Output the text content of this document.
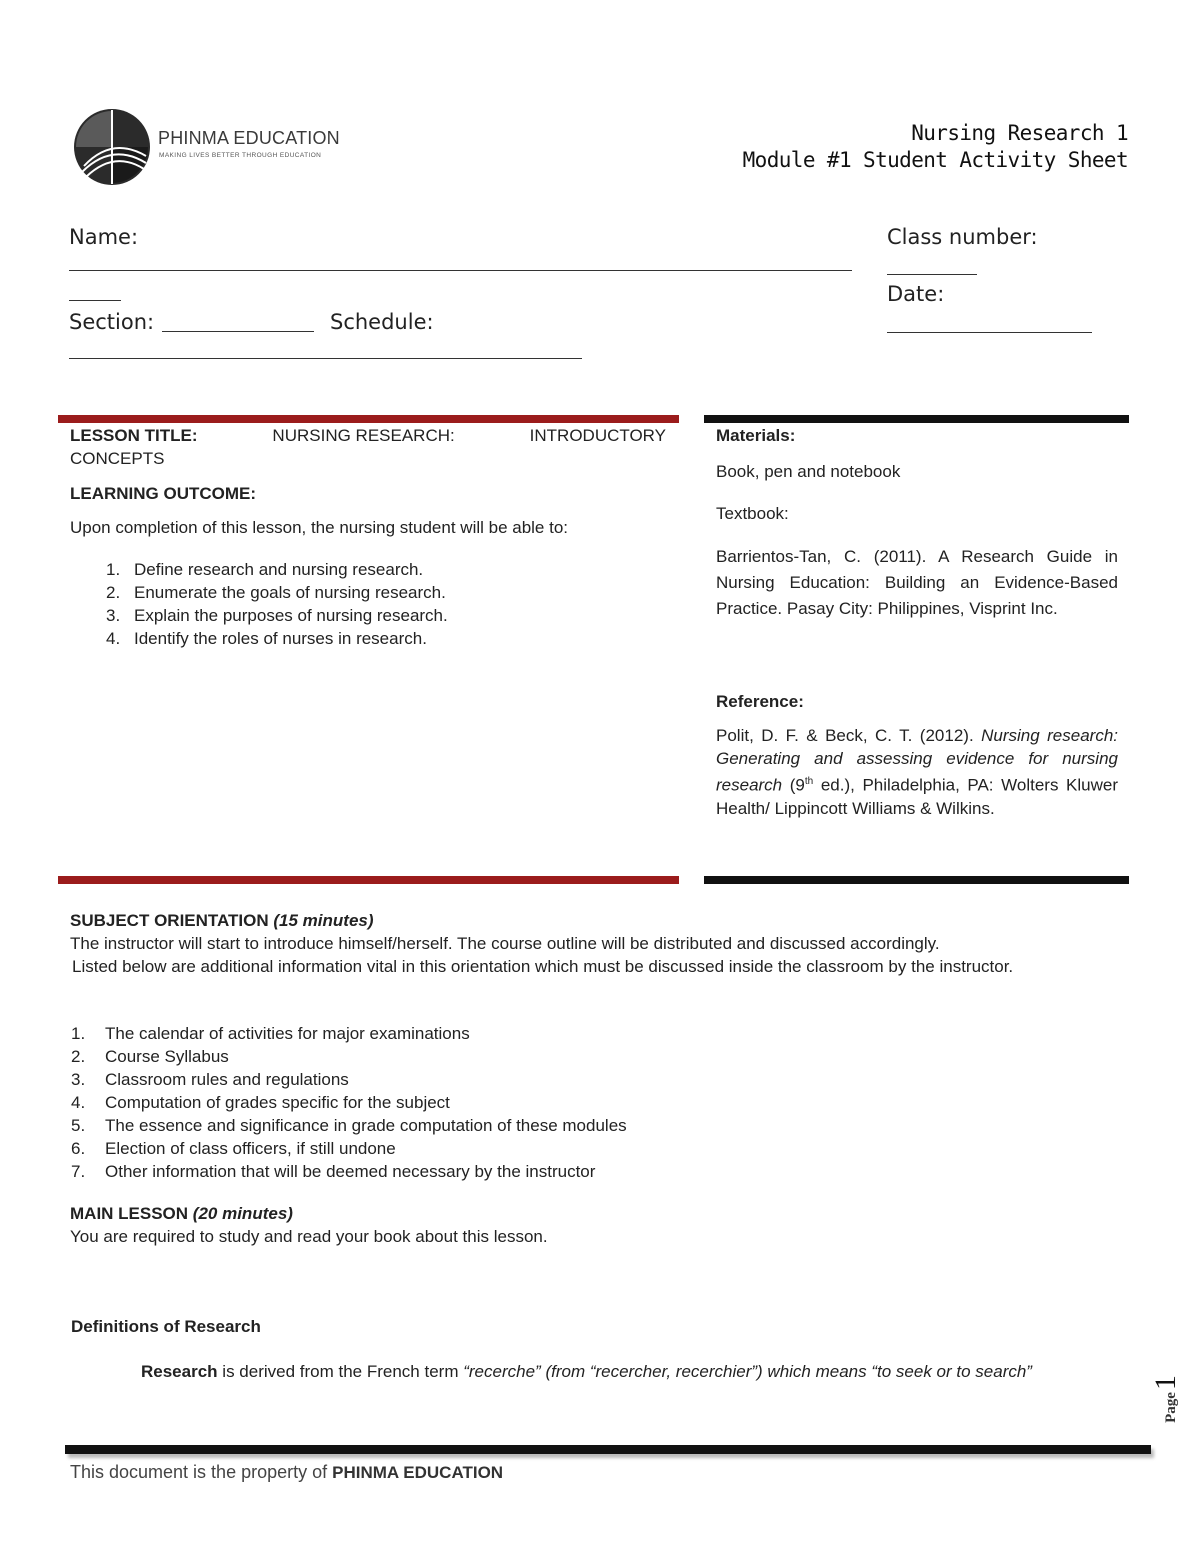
PHINMA EDUCATION
MAKING LIVES BETTER THROUGH EDUCATION
Nursing Research 1
Module #1 Student Activity Sheet
Name:
Section:	Schedule:
Class number:
Date:
LESSON TITLE:	NURSING RESEARCH:	INTRODUCTORY
CONCEPTS
LEARNING OUTCOME:
Upon completion of this lesson, the nursing student will be able to:
1. Define research and nursing research.
2. Enumerate the goals of nursing research.
3. Explain the purposes of nursing research.
4. Identify the roles of nurses in research.
Materials:
Book, pen and notebook
Textbook:
Barrientos-Tan, C. (2011). A Research Guide in Nursing Education: Building an Evidence-Based Practice. Pasay City: Philippines, Visprint Inc.
Reference:
Polit, D. F. & Beck, C. T. (2012). Nursing research: Generating and assessing evidence for nursing research (9th ed.), Philadelphia, PA: Wolters Kluwer Health/ Lippincott Williams & Wilkins.
SUBJECT ORIENTATION (15 minutes)
The instructor will start to introduce himself/herself. The course outline will be distributed and discussed accordingly.
Listed below are additional information vital in this orientation which must be discussed inside the classroom by the instructor.
1. The calendar of activities for major examinations
2. Course Syllabus
3. Classroom rules and regulations
4. Computation of grades specific for the subject
5. The essence and significance in grade computation of these modules
6. Election of class officers, if still undone
7. Other information that will be deemed necessary by the instructor
MAIN LESSON (20 minutes)
You are required to study and read your book about this lesson.
Definitions of Research
Research is derived from the French term “recerche” (from “recercher, recerchier”) which means “to seek or to search”
Page1
This document is the property of PHINMA EDUCATION
